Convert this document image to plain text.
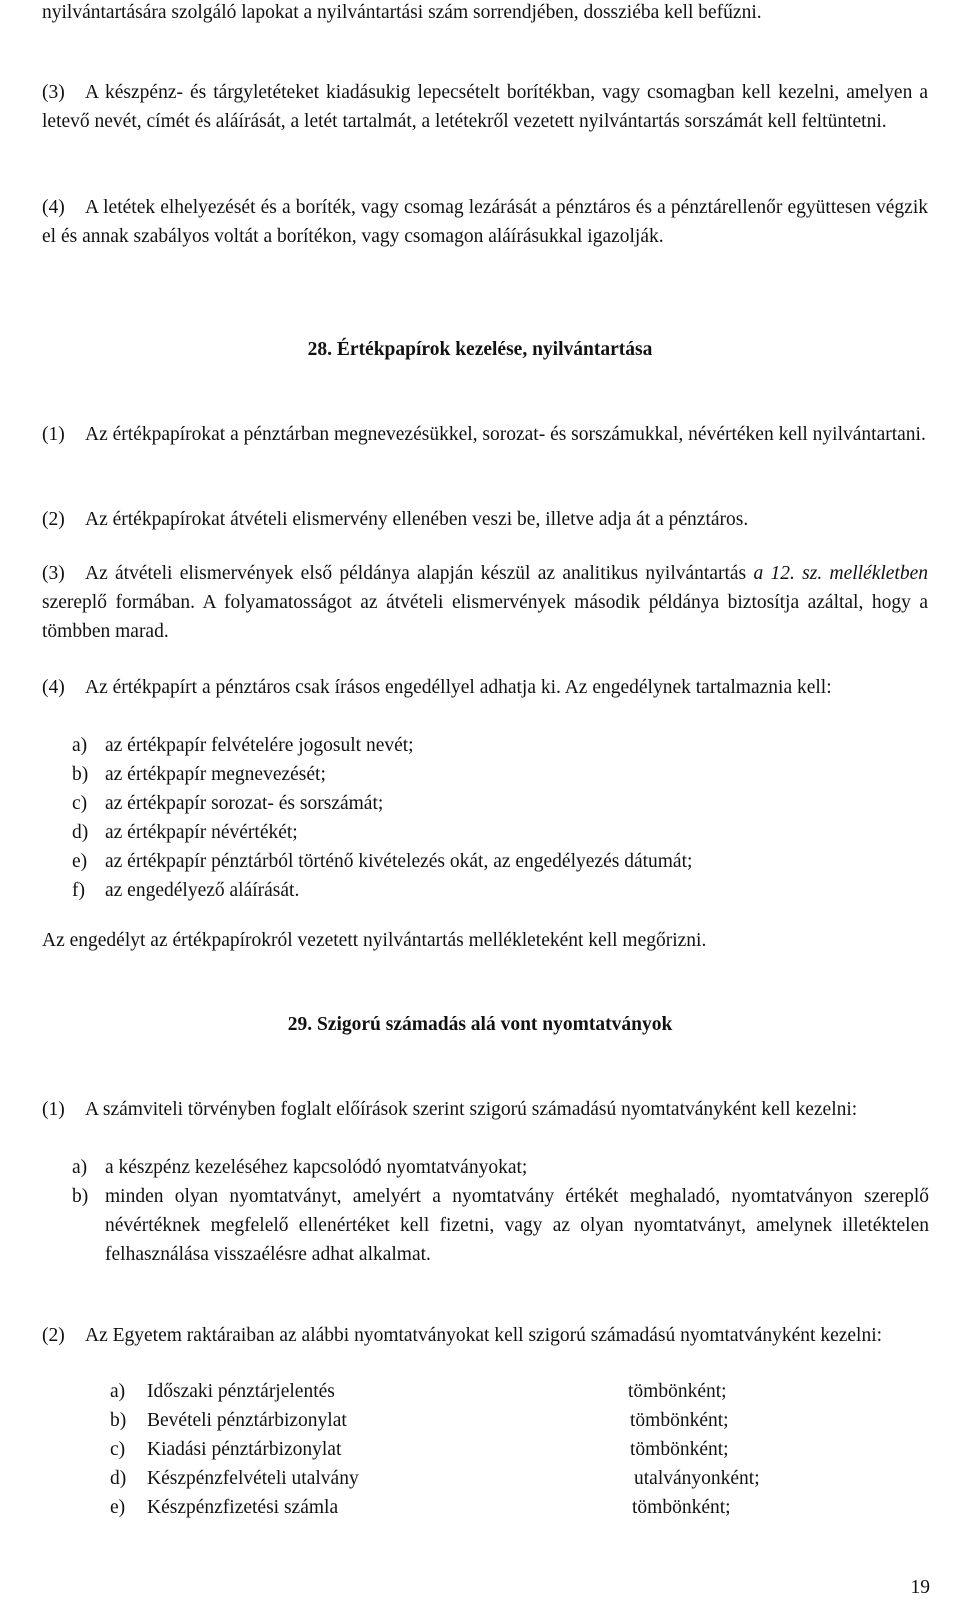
nyilvántartására szolgáló lapokat a nyilvántartási szám sorrendjében, dossziéba kell befűzni.

(3)	A készpénz- és tárgyletéteket kiadásukig lepecsételt borítékban, vagy csomagban kell kezelni, amelyen a letevő nevét, címét és aláírását, a letét tartalmát, a letétekről vezetett nyilvántartás sorszámát kell feltüntetni.
(4)	A letétek elhelyezését és a boríték, vagy csomag lezárását a pénztáros és a pénztárellenőr együttesen végzik el és annak szabályos voltát a borítékon, vagy csomagon aláírásukkal igazolják.
28. Értékpapírok kezelése, nyilvántartása
(1)	Az értékpapírokat a pénztárban megnevezésükkel, sorozat- és sorszámukkal, névértéken kell nyilvántartani.
(2)	Az értékpapírokat átvételi elismervény ellenében veszi be, illetve adja át a pénztáros.
(3)	Az átvételi elismervények első példánya alapján készül az analitikus nyilvántartás a 12. sz. mellékletben szereplő formában. A folyamatosságot az átvételi elismervények második példánya biztosítja azáltal, hogy a tömbben marad.
(4)	Az értékpapírt a pénztáros csak írásos engedéllyel adhatja ki. Az engedélynek tartalmaznia kell:
a) az értékpapír felvételére jogosult nevét;
b) az értékpapír megnevezését;
c) az értékpapír sorozat- és sorszámát;
d) az értékpapír névértékét;
e) az értékpapír pénztárból történő kivételezés okát, az engedélyezés dátumát;
f) az engedélyező aláírását.

Az engedélyt az értékpapírokról vezetett nyilvántartás mellékleteként kell megőrizni.

29. Szigorú számadás alá vont nyomtatványok
(1)	A számviteli törvényben foglalt előírások szerint szigorú számadású nyomtatványként kell kezelni:
a) a készpénz kezeléséhez kapcsolódó nyomtatványokat;
b) minden olyan nyomtatványt, amelyért a nyomtatvány értékét meghaladó, nyomtatványon szereplő névértéknek megfelelő ellenértéket kell fizetni, vagy az olyan nyomtatványt, amelynek illetéktelen felhasználása visszaélésre adhat alkalmat.
(2)	Az Egyetem raktáraiban az alábbi nyomtatványokat kell szigorú számadású nyomtatványként kezelni:
a) Időszaki pénztárjelentés	tömbönként;
b) Bevételi pénztárbizonylat	tömbönként;
c) Kiadási pénztárbizonylat	tömbönként;
d) Készpénzfelvételi utalvány	utalványonként;
e) Készpénzfizetési számla	tömbönként;
19
